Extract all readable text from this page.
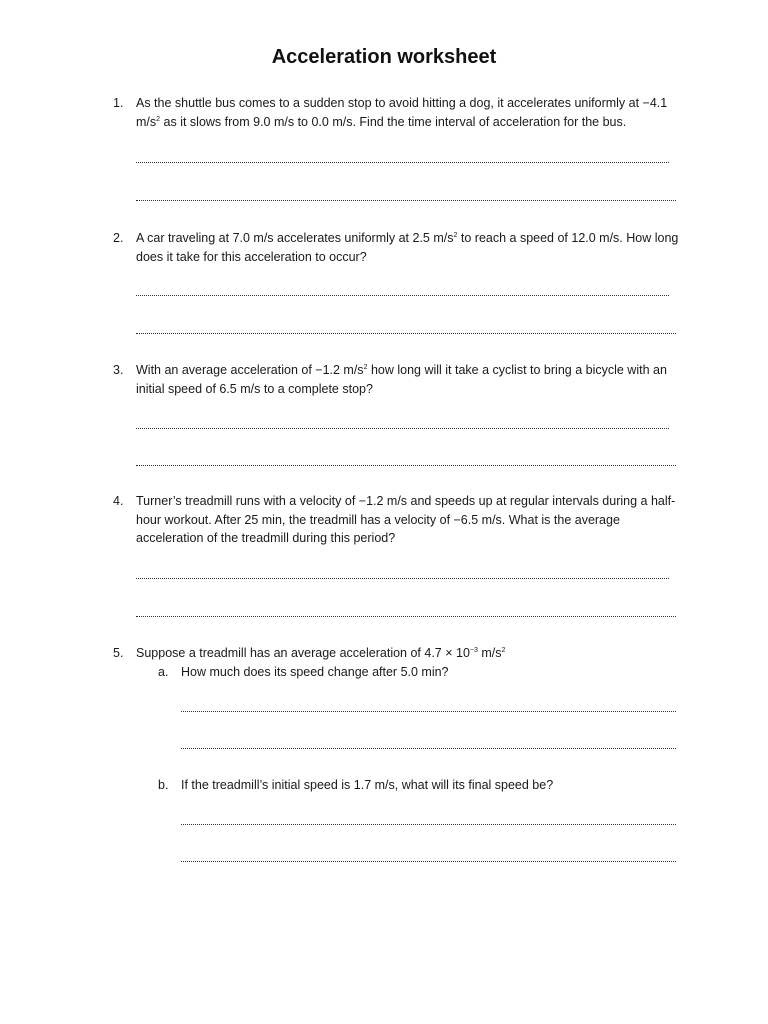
Acceleration worksheet
1.	As the shuttle bus comes to a sudden stop to avoid hitting a dog, it accelerates uniformly at −4.1 $m/s^2$ as it slows from 9.0 m/s to 0.0 m/s. Find the time interval of acceleration for the bus.
2.	A car traveling at 7.0 m/s accelerates uniformly at 2.5 $m/s^2$ to reach a speed of 12.0 m/s. How long does it take for this acceleration to occur?
3.	With an average acceleration of −1.2 $m/s^2$ how long will it take a cyclist to bring a bicycle with an initial speed of 6.5 m/s to a complete stop?
4.	Turner’s treadmill runs with a velocity of −1.2 m/s and speeds up at regular intervals during a half-hour workout. After 25 min, the treadmill has a velocity of −6.5 m/s. What is the average acceleration of the treadmill during this period?
5.	Suppose a treadmill has an average acceleration of $4.7 \times 10^{-3}$ $m/s^2$
a.	How much does its speed change after 5.0 min?
b.	If the treadmill’s initial speed is 1.7 m/s, what will its final speed be?
